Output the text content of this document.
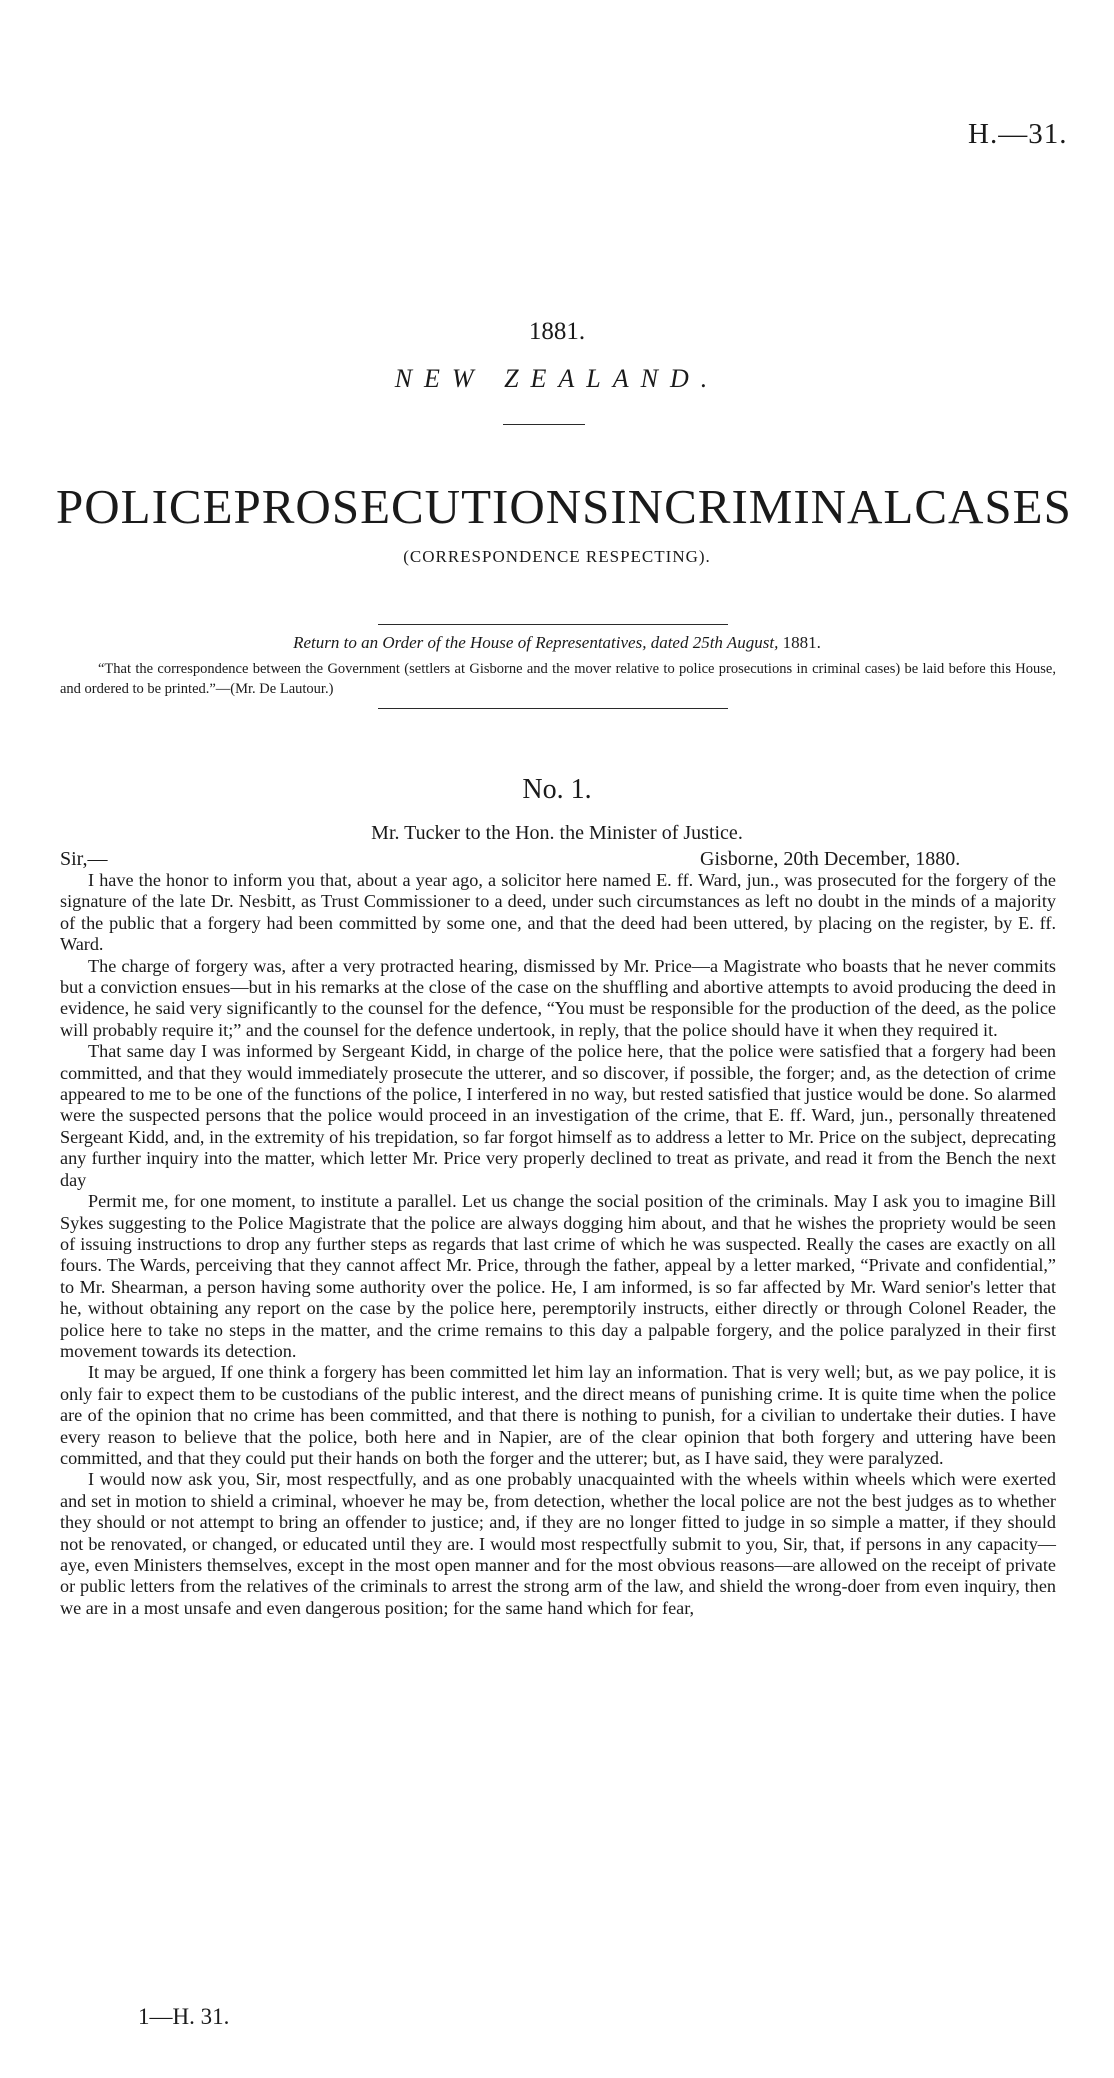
H.—31.
1881.
NEW ZEALAND.
POLICE PROSECUTIONS IN CRIMINAL CASES
(CORRESPONDENCE RESPECTING).
Return to an Order of the House of Representatives, dated 25th August, 1881.
“That the correspondence between the Government (settlers at Gisborne and the mover relative to police prosecutions in criminal cases) be laid before this House, and ordered to be printed.”—(Mr. De Lautour.)
No. 1.
Mr. Tucker to the Hon. the Minister of Justice.
Sir,—	Gisborne, 20th December, 1880.

I have the honor to inform you that, about a year ago, a solicitor here named E. ff. Ward, jun., was prosecuted for the forgery of the signature of the late Dr. Nesbitt, as Trust Commissioner to a deed, under such circumstances as left no doubt in the minds of a majority of the public that a forgery had been committed by some one, and that the deed had been uttered, by placing on the register, by E. ff. Ward.

The charge of forgery was, after a very protracted hearing, dismissed by Mr. Price—a Magistrate who boasts that he never commits but a conviction ensues—but in his remarks at the close of the case on the shuffling and abortive attempts to avoid producing the deed in evidence, he said very significantly to the counsel for the defence, “You must be responsible for the production of the deed, as the police will probably require it;” and the counsel for the defence undertook, in reply, that the police should have it when they required it.

That same day I was informed by Sergeant Kidd, in charge of the police here, that the police were satisfied that a forgery had been committed, and that they would immediately prosecute the utterer, and so discover, if possible, the forger; and, as the detection of crime appeared to me to be one of the functions of the police, I interfered in no way, but rested satisfied that justice would be done. So alarmed were the suspected persons that the police would proceed in an investigation of the crime, that E. ff. Ward, jun., personally threatened Sergeant Kidd, and, in the extremity of his trepidation, so far forgot himself as to address a letter to Mr. Price on the subject, deprecating any further inquiry into the matter, which letter Mr. Price very properly declined to treat as private, and read it from the Bench the next day

Permit me, for one moment, to institute a parallel. Let us change the social position of the criminals. May I ask you to imagine Bill Sykes suggesting to the Police Magistrate that the police are always dogging him about, and that he wishes the propriety would be seen of issuing instructions to drop any further steps as regards that last crime of which he was suspected. Really the cases are exactly on all fours. The Wards, perceiving that they cannot affect Mr. Price, through the father, appeal by a letter marked, “Private and confidential,” to Mr. Shearman, a person having some authority over the police. He, I am informed, is so far affected by Mr. Ward senior's letter that he, without obtaining any report on the case by the police here, peremptorily instructs, either directly or through Colonel Reader, the police here to take no steps in the matter, and the crime remains to this day a palpable forgery, and the police paralyzed in their first movement towards its detection.

It may be argued, If one think a forgery has been committed let him lay an information. That is very well; but, as we pay police, it is only fair to expect them to be custodians of the public interest, and the direct means of punishing crime. It is quite time when the police are of the opinion that no crime has been committed, and that there is nothing to punish, for a civilian to undertake their duties. I have every reason to believe that the police, both here and in Napier, are of the clear opinion that both forgery and uttering have been committed, and that they could put their hands on both the forger and the utterer; but, as I have said, they were paralyzed.

I would now ask you, Sir, most respectfully, and as one probably unacquainted with the wheels within wheels which were exerted and set in motion to shield a criminal, whoever he may be, from detection, whether the local police are not the best judges as to whether they should or not attempt to bring an offender to justice; and, if they are no longer fitted to judge in so simple a matter, if they should not be renovated, or changed, or educated until they are. I would most respectfully submit to you, Sir, that, if persons in any capacity—aye, even Ministers themselves, except in the most open manner and for the most obvious reasons—are allowed on the receipt of private or public letters from the relatives of the criminals to arrest the strong arm of the law, and shield the wrong-doer from even inquiry, then we are in a most unsafe and even dangerous position; for the same hand which for fear,

1—H. 31.
